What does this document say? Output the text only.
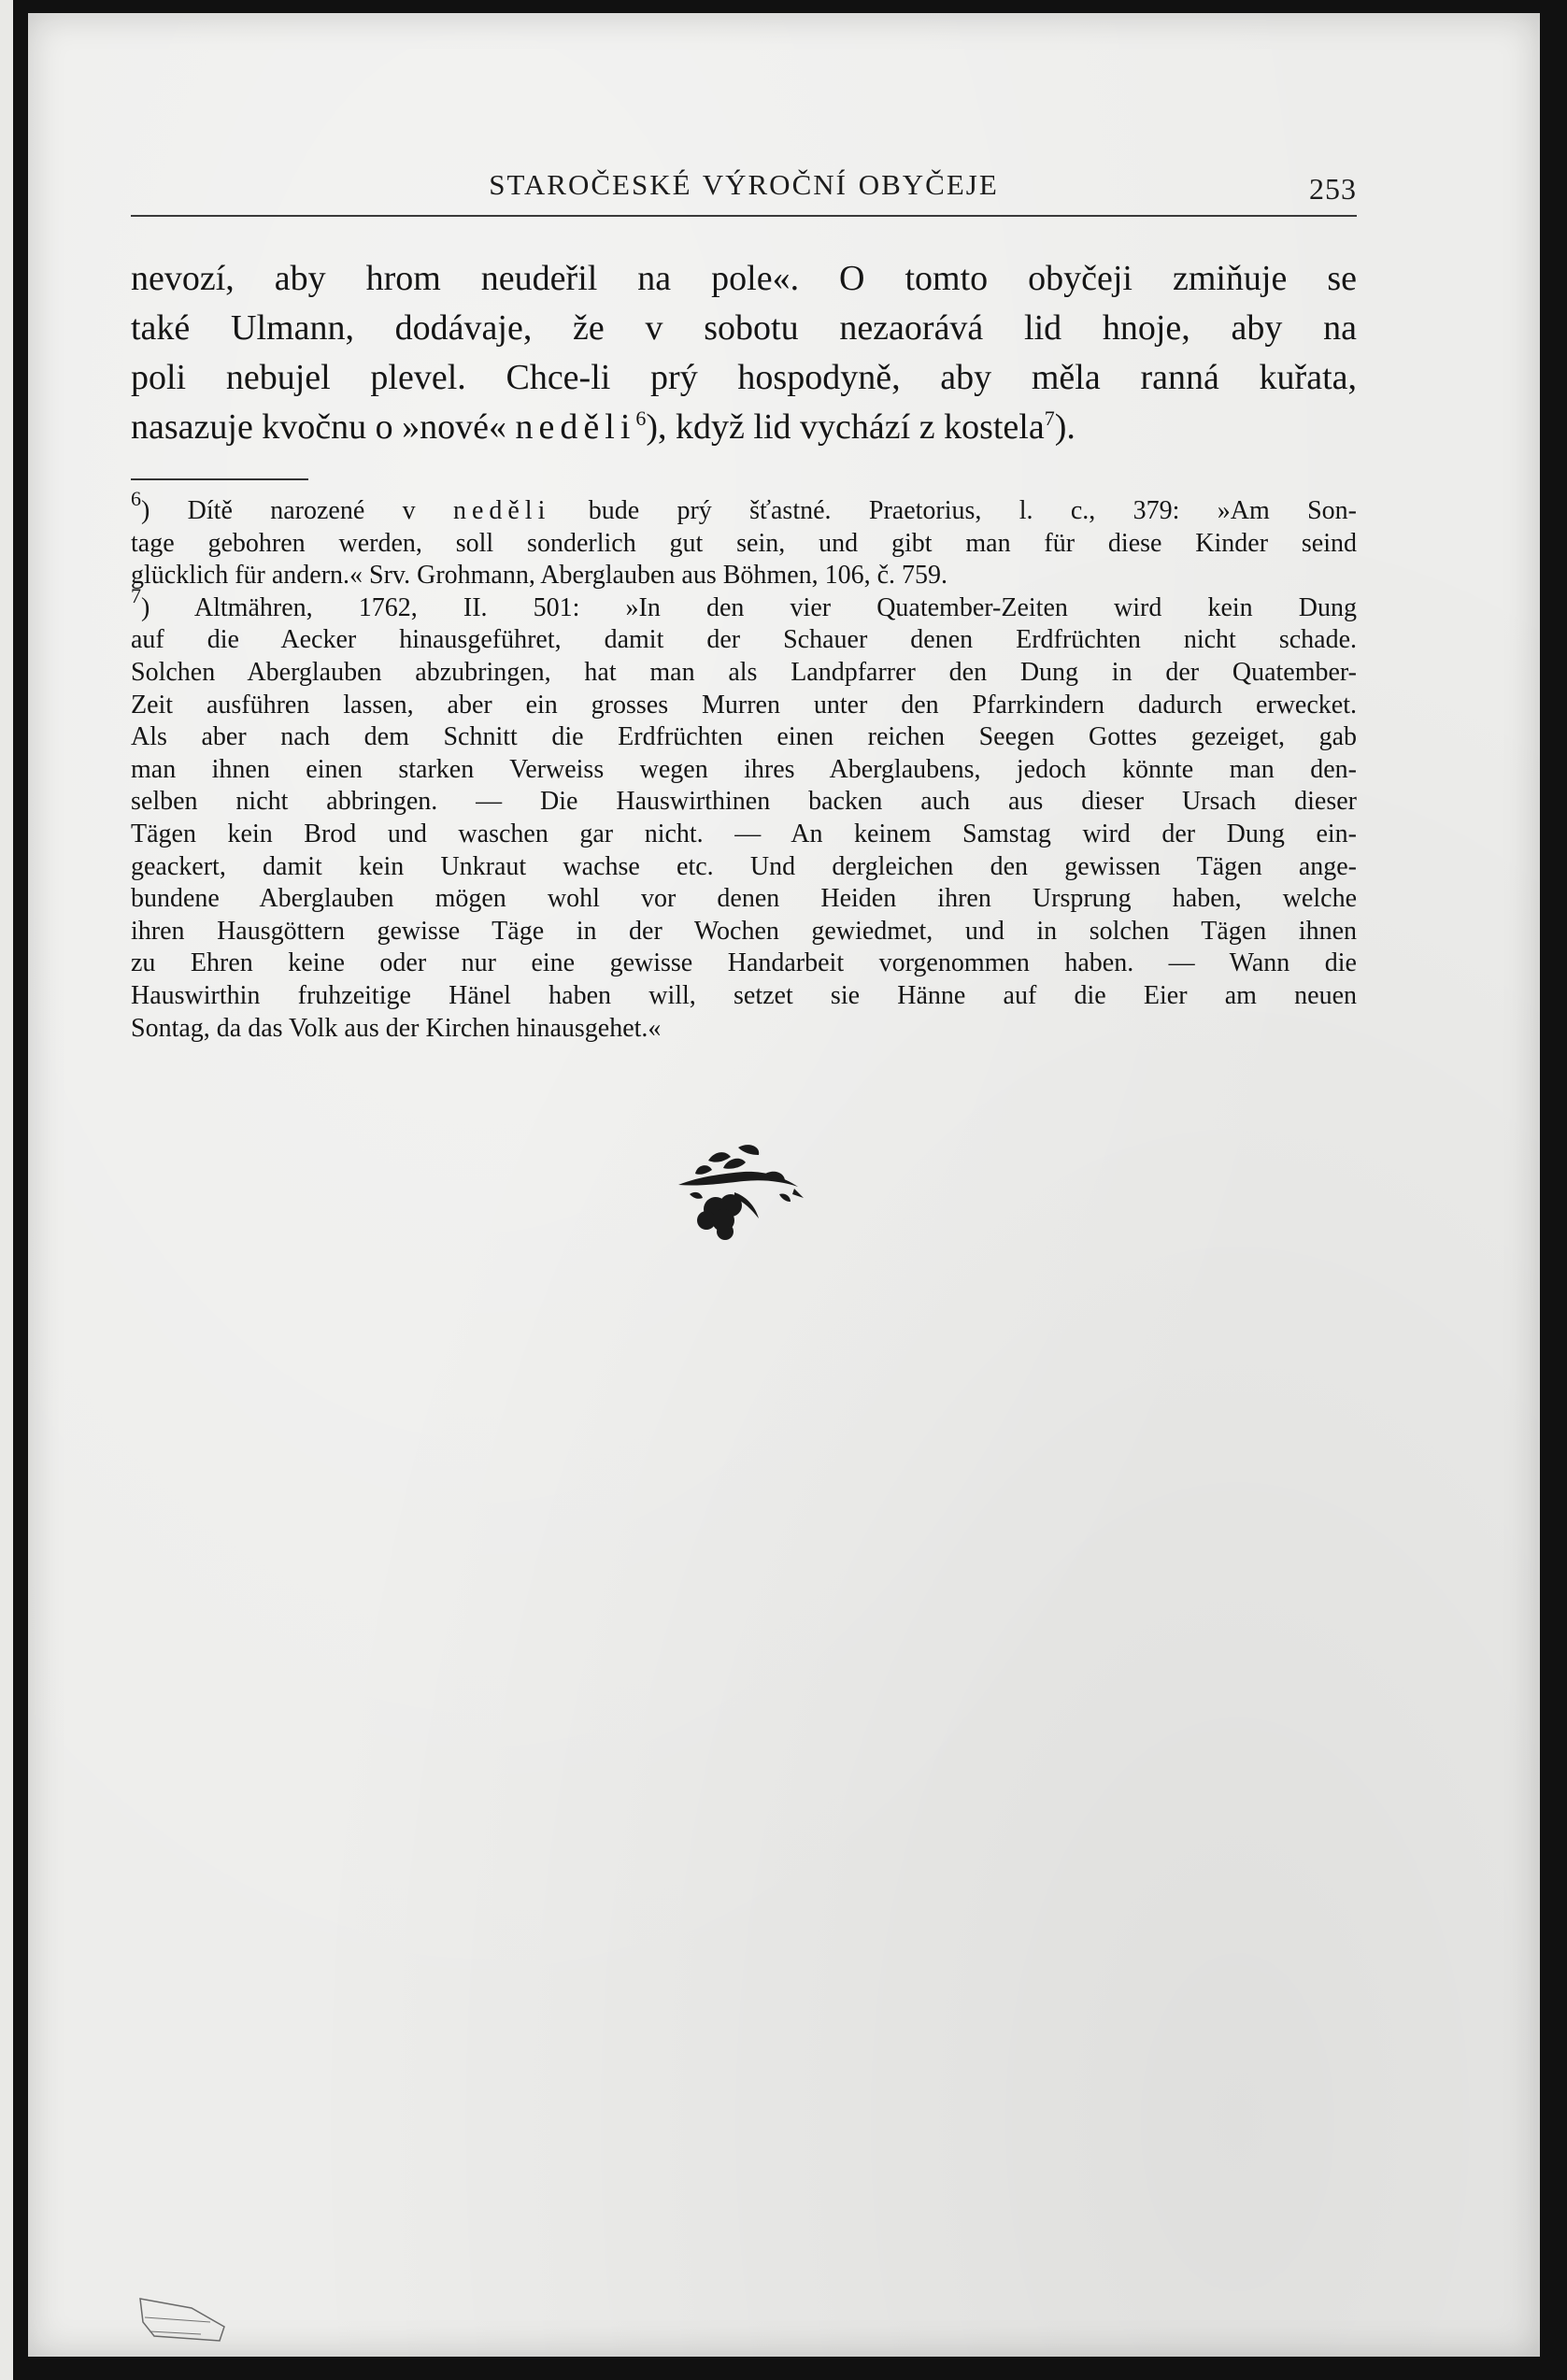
STAROČESKÉ VÝROČNÍ OBYČEJE	253
nevozí, aby hrom neudeřil na pole«. O tomto obyčeji zmiňuje se
také Ulmann, dodávaje, že v sobotu nezaorává lid hnoje, aby na
poli nebujel plevel. Chce-li prý hospodyně, aby měla ranná kuřata,
nasazuje kvočnu o »nové« neděli$^6$), když lid vychází z kostela$^7$).
$^6$) Dítě narozené v neděli bude prý šťastné. Praetorius, l. c., 379: »Am Son-
tage gebohren werden, soll sonderlich gut sein, und gibt man für diese Kinder seind
glücklich für andern.« Srv. Grohmann, Aberglauben aus Böhmen, 106, č. 759.
$^7$) Altmähren, 1762, II. 501: »In den vier Quatember-Zeiten wird kein Dung
auf die Aecker hinausgeführet, damit der Schauer denen Erdfrüchten nicht schade.
Solchen Aberglauben abzubringen, hat man als Landpfarrer den Dung in der Quatember-
Zeit ausführen lassen, aber ein grosses Murren unter den Pfarrkindern dadurch erwecket.
Als aber nach dem Schnitt die Erdfrüchten einen reichen Seegen Gottes gezeiget, gab
man ihnen einen starken Verweiss wegen ihres Aberglaubens, jedoch könnte man den-
selben nicht abbringen. — Die Hauswirthinen backen auch aus dieser Ursach dieser
Tägen kein Brod und waschen gar nicht. — An keinem Samstag wird der Dung ein-
geackert, damit kein Unkraut wachse etc. Und dergleichen den gewissen Tägen ange-
bundene Aberglauben mögen wohl vor denen Heiden ihren Ursprung haben, welche
ihren Hausgöttern gewisse Täge in der Wochen gewiedmet, und in solchen Tägen ihnen
zu Ehren keine oder nur eine gewisse Handarbeit vorgenommen haben. — Wann die
Hauswirthin fruhzeitige Hänel haben will, setzet sie Hänne auf die Eier am neuen
Sontag, da das Volk aus der Kirchen hinausgehet.«
